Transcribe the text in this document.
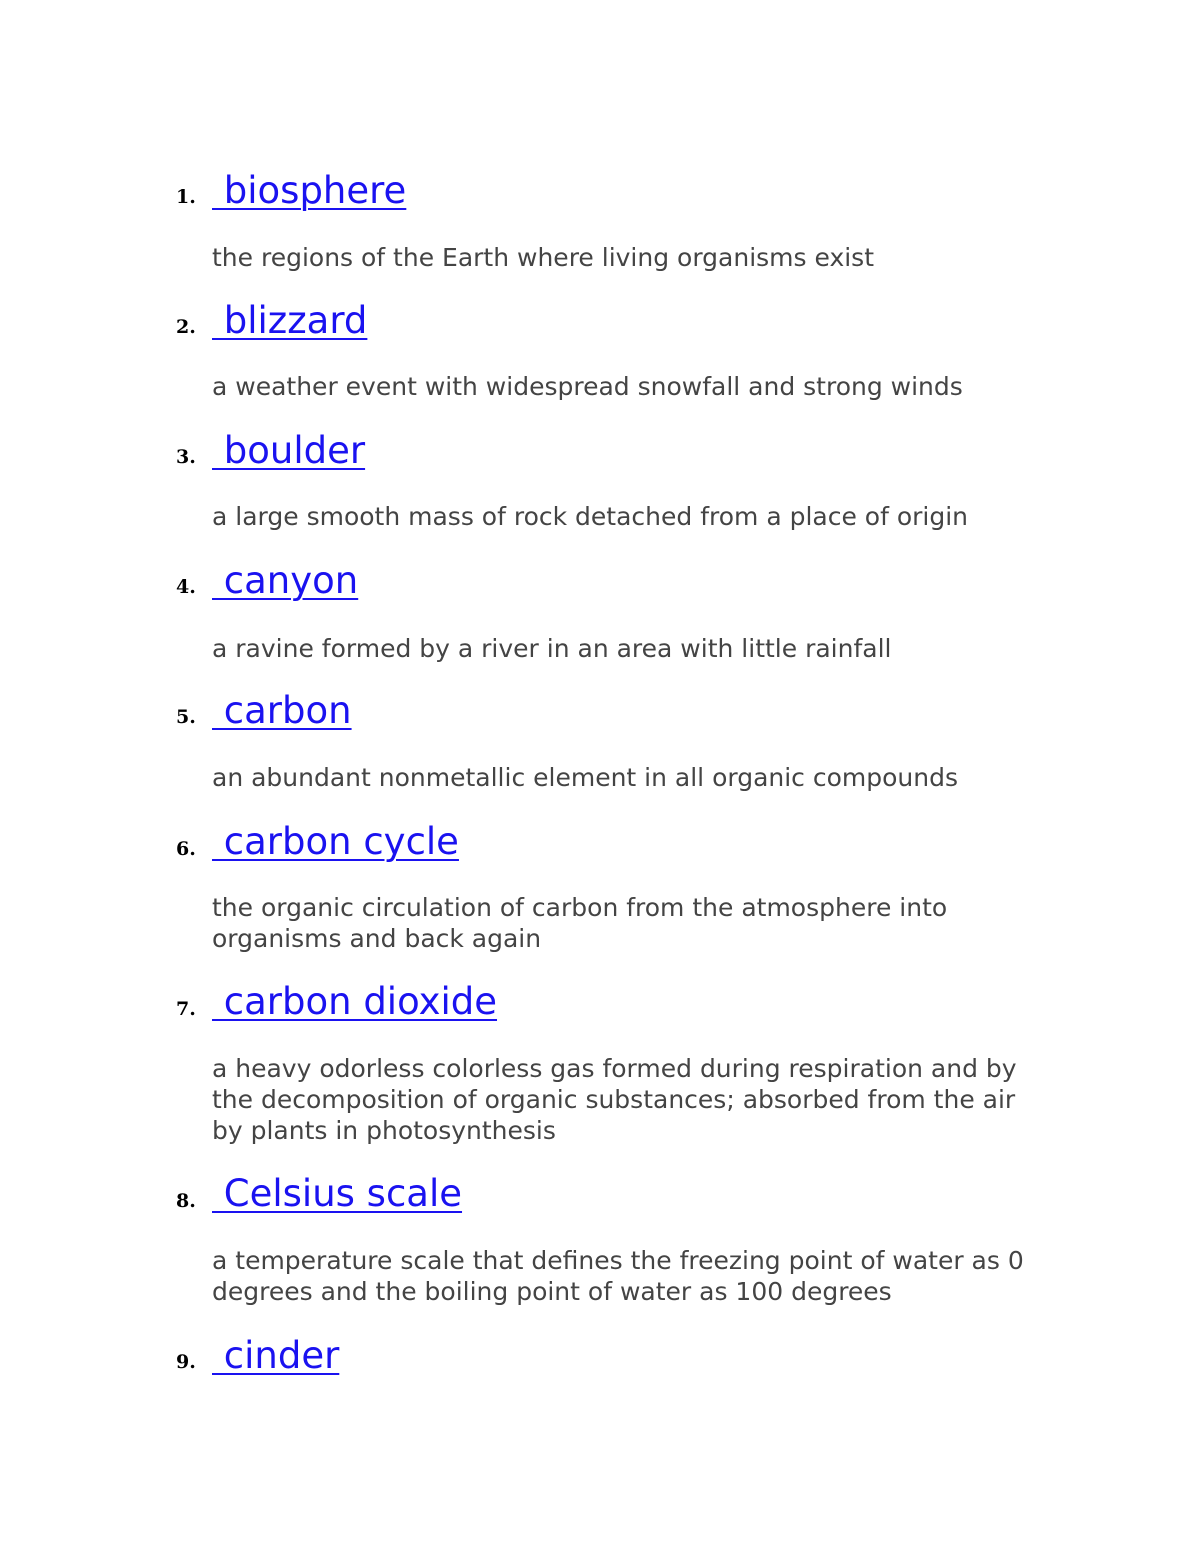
1. biosphere
the regions of the Earth where living organisms exist
2. blizzard
a weather event with widespread snowfall and strong winds
3. boulder
a large smooth mass of rock detached from a place of origin
4. canyon
a ravine formed by a river in an area with little rainfall
5. carbon
an abundant nonmetallic element in all organic compounds
6. carbon cycle
the organic circulation of carbon from the atmosphere into organisms and back again
7. carbon dioxide
a heavy odorless colorless gas formed during respiration and by the decomposition of organic substances; absorbed from the air by plants in photosynthesis
8. Celsius scale
a temperature scale that defines the freezing point of water as 0 degrees and the boiling point of water as 100 degrees
9. cinder
